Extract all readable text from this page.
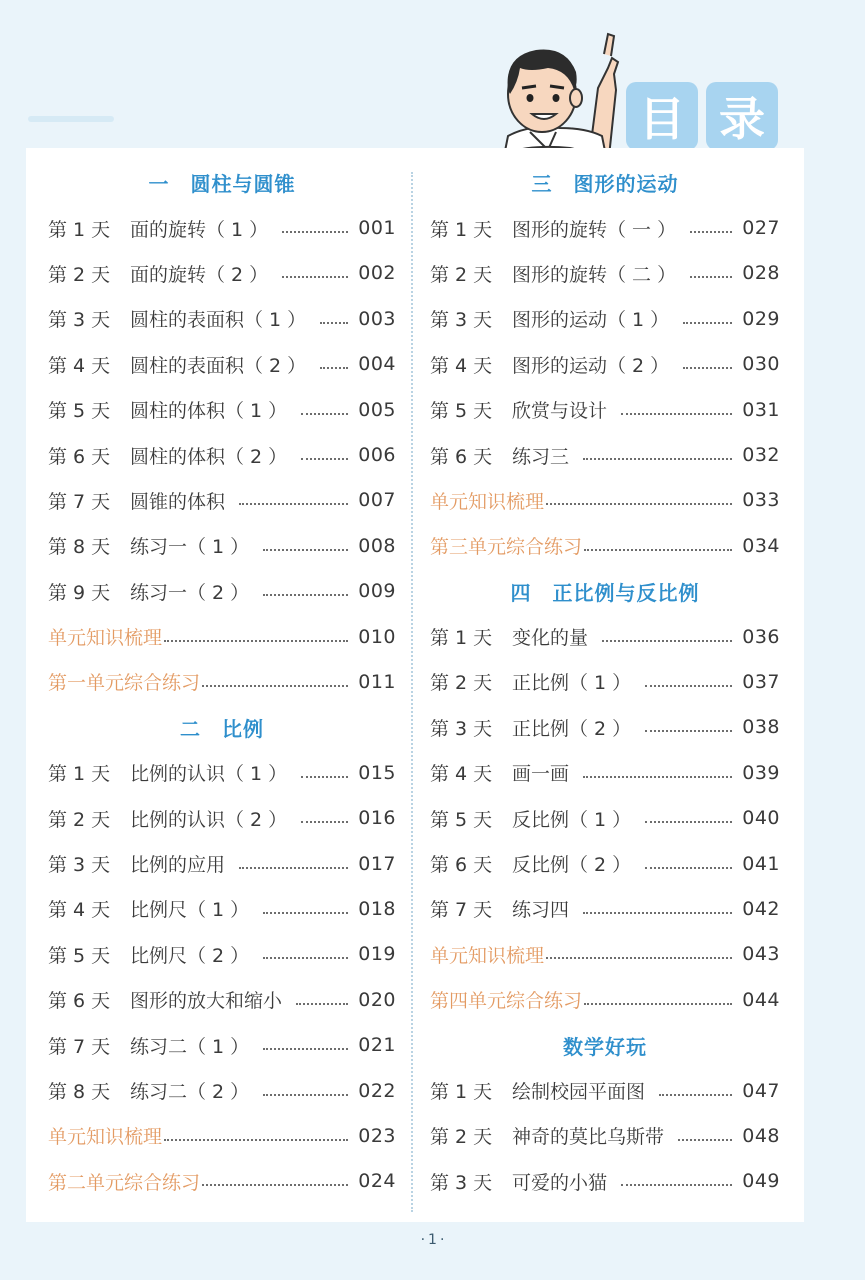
目 录
一　圆柱与圆锥
第 1 天	面的旋转（ 1 ）	001
第 2 天	面的旋转（ 2 ）	002
第 3 天	圆柱的表面积（ 1 ）	003
第 4 天	圆柱的表面积（ 2 ）	004
第 5 天	圆柱的体积（ 1 ）	005
第 6 天	圆柱的体积（ 2 ）	006
第 7 天	圆锥的体积	007
第 8 天	练习一（ 1 ）	008
第 9 天	练习一（ 2 ）	009
单元知识梳理	010
第一单元综合练习	011
二　比例
第 1 天	比例的认识（ 1 ）	015
第 2 天	比例的认识（ 2 ）	016
第 3 天	比例的应用	017
第 4 天	比例尺（ 1 ）	018
第 5 天	比例尺（ 2 ）	019
第 6 天	图形的放大和缩小	020
第 7 天	练习二（ 1 ）	021
第 8 天	练习二（ 2 ）	022
单元知识梳理	023
第二单元综合练习	024
三　图形的运动
第 1 天	图形的旋转（ 一 ）	027
第 2 天	图形的旋转（ 二 ）	028
第 3 天	图形的运动（ 1 ）	029
第 4 天	图形的运动（ 2 ）	030
第 5 天	欣赏与设计	031
第 6 天	练习三	032
单元知识梳理	033
第三单元综合练习	034
四　正比例与反比例
第 1 天	变化的量	036
第 2 天	正比例（ 1 ）	037
第 3 天	正比例（ 2 ）	038
第 4 天	画一画	039
第 5 天	反比例（ 1 ）	040
第 6 天	反比例（ 2 ）	041
第 7 天	练习四	042
单元知识梳理	043
第四单元综合练习	044
数学好玩
第 1 天	绘制校园平面图	047
第 2 天	神奇的莫比乌斯带	048
第 3 天	可爱的小猫	049
· 1 ·
